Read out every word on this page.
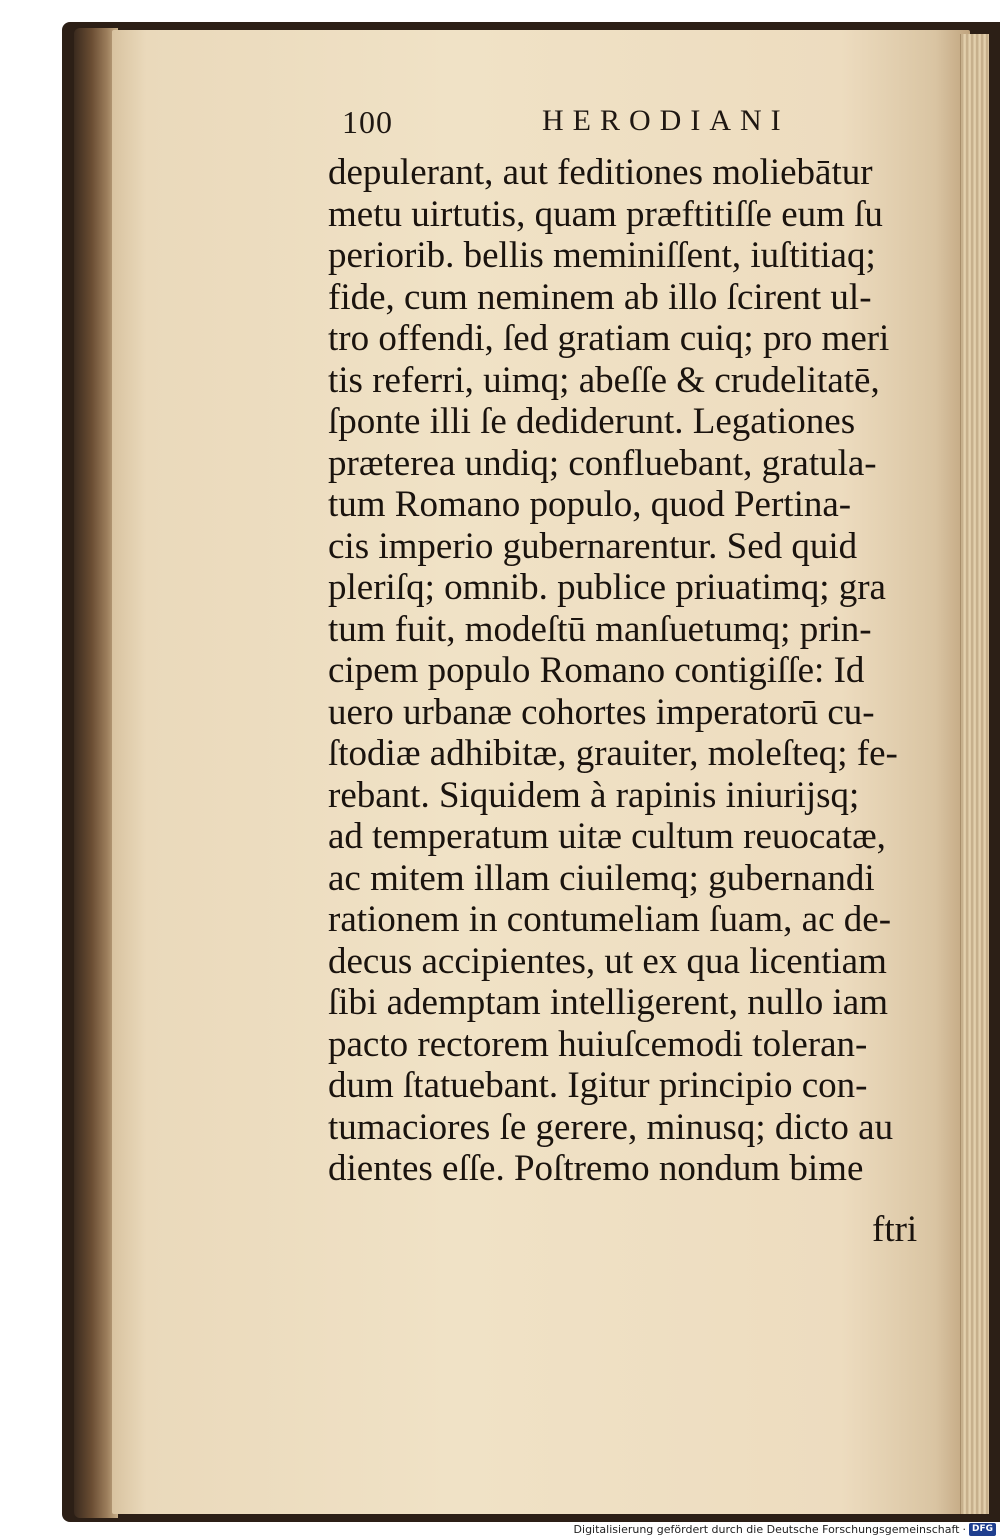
100	HERODIANI
depulerant, aut feditiones moliebātur
metu uirtutis, quam præftitiſſe eum ſu
periorib. bellis meminiſſent, iuſtitiaq;
fide, cum neminem ab illo ſcirent ul-
tro offendi, ſed gratiam cuiq; pro meri
tis referri, uimq; abeſſe & crudelitatē,
ſponte illi ſe dediderunt. Legationes
præterea undiq; confluebant, gratula-
tum Romano populo, quod Pertina-
cis imperio gubernarentur. Sed quid
pleriſq; omnib. publice priuatimq; gra
tum fuit, modeſtū manſuetumq; prin-
cipem populo Romano contigiſſe: Id
uero urbanæ cohortes imperatorū cu-
ſtodiæ adhibitæ, grauiter, moleſteq; fe-
rebant. Siquidem à rapinis iniurijsq;
ad temperatum uitæ cultum reuocatæ,
ac mitem illam ciuilemq; gubernandi
rationem in contumeliam ſuam, ac de-
decus accipientes, ut ex qua licentiam
ſibi ademptam intelligerent, nullo iam
pacto rectorem huiuſcemodi toleran-
dum ſtatuebant. Igitur principio con-
tumaciores ſe gerere, minusq; dicto au
dientes eſſe. Poſtremo nondum bime
ftri
Digitalisierung gefördert durch die Deutsche Forschungsgemeinschaft · DFG
